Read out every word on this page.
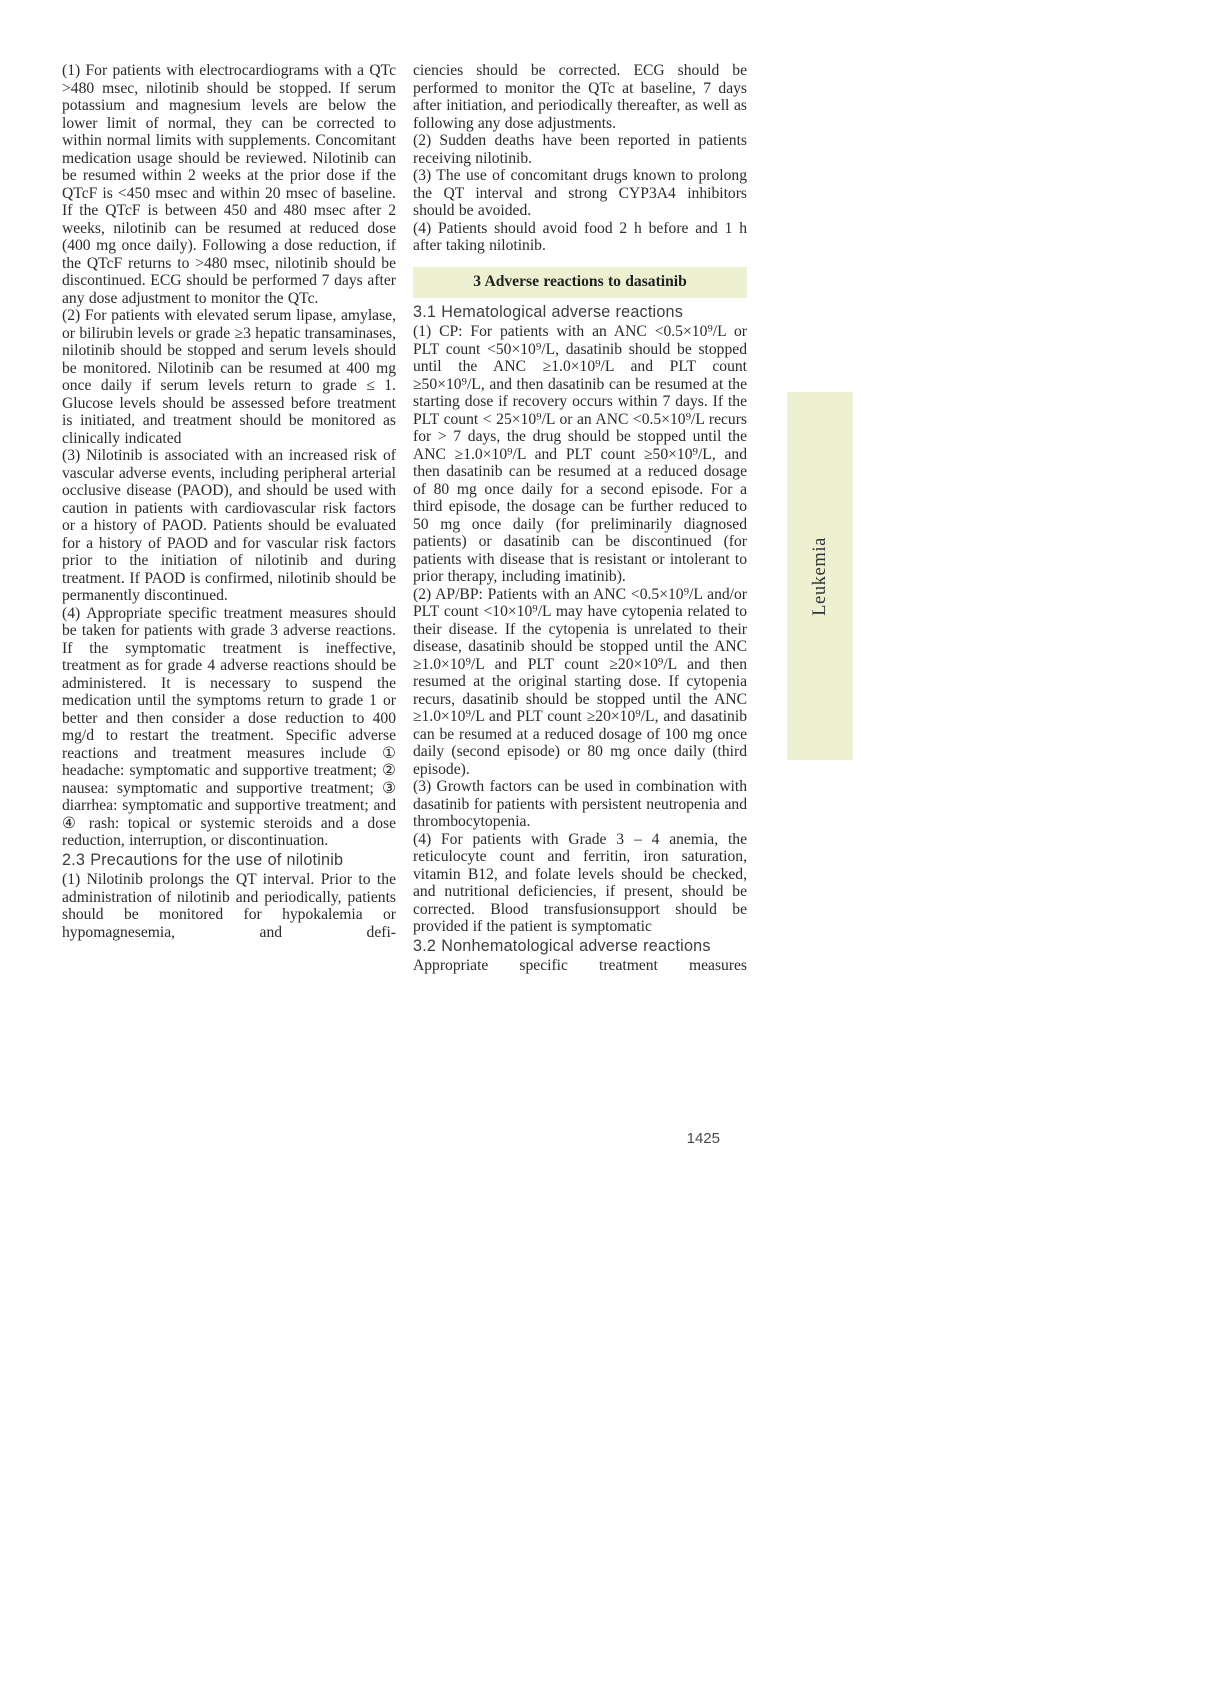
(1) For patients with electrocardiograms with a QTc >480 msec, nilotinib should be stopped. If serum potassium and magnesium levels are below the lower limit of normal, they can be corrected to within normal limits with supplements. Concomitant medication usage should be reviewed. Nilotinib can be resumed within 2 weeks at the prior dose if the QTcF is <450 msec and within 20 msec of baseline. If the QTcF is between 450 and 480 msec after 2 weeks, nilotinib can be resumed at reduced dose (400 mg once daily). Following a dose reduction, if the QTcF returns to >480 msec, nilotinib should be discontinued. ECG should be performed 7 days after any dose adjustment to monitor the QTc.

(2) For patients with elevated serum lipase, amylase, or bilirubin levels or grade ≥3 hepatic transaminases, nilotinib should be stopped and serum levels should be monitored. Nilotinib can be resumed at 400 mg once daily if serum levels return to grade ≤ 1. Glucose levels should be assessed before treatment is initiated, and treatment should be monitored as clinically indicated

(3) Nilotinib is associated with an increased risk of vascular adverse events, including peripheral arterial occlusive disease (PAOD), and should be used with caution in patients with cardiovascular risk factors or a history of PAOD. Patients should be evaluated for a history of PAOD and for vascular risk factors prior to the initiation of nilotinib and during treatment. If PAOD is confirmed, nilotinib should be permanently discontinued.

(4) Appropriate specific treatment measures should be taken for patients with grade 3 adverse reactions. If the symptomatic treatment is ineffective, treatment as for grade 4 adverse reactions should be administered. It is necessary to suspend the medication until the symptoms return to grade 1 or better and then consider a dose reduction to 400 mg/d to restart the treatment. Specific adverse reactions and treatment measures include ① headache: symptomatic and supportive treatment; ② nausea: symptomatic and supportive treatment; ③ diarrhea: symptomatic and supportive treatment; and ④ rash: topical or systemic steroids and a dose reduction, interruption, or discontinuation.

2.3 Precautions for the use of nilotinib

(1) Nilotinib prolongs the QT interval. Prior to the administration of nilotinib and periodically, patients should be monitored for hypokalemia or hypomagnesemia, and defi-

ciencies should be corrected. ECG should be performed to monitor the QTc at baseline, 7 days after initiation, and periodically thereafter, as well as following any dose adjustments.

(2) Sudden deaths have been reported in patients receiving nilotinib.

(3) The use of concomitant drugs known to prolong the QT interval and strong CYP3A4 inhibitors should be avoided.

(4) Patients should avoid food 2 h before and 1 h after taking nilotinib.

3 Adverse reactions to dasatinib
3.1 Hematological adverse reactions

(1) CP: For patients with an ANC <0.5×10⁹/L or PLT count <50×10⁹/L, dasatinib should be stopped until the ANC ≥1.0×10⁹/L and PLT count ≥50×10⁹/L, and then dasatinib can be resumed at the starting dose if recovery occurs within 7 days. If the PLT count < 25×10⁹/L or an ANC <0.5×10⁹/L recurs for > 7 days, the drug should be stopped until the ANC ≥1.0×10⁹/L and PLT count ≥50×10⁹/L, and then dasatinib can be resumed at a reduced dosage of 80 mg once daily for a second episode. For a third episode, the dosage can be further reduced to 50 mg once daily (for preliminarily diagnosed patients) or dasatinib can be discontinued (for patients with disease that is resistant or intolerant to prior therapy, including imatinib).

(2) AP/BP: Patients with an ANC <0.5×10⁹/L and/or PLT count <10×10⁹/L may have cytopenia related to their disease. If the cytopenia is unrelated to their disease, dasatinib should be stopped until the ANC ≥1.0×10⁹/L and PLT count ≥20×10⁹/L and then resumed at the original starting dose. If cytopenia recurs, dasatinib should be stopped until the ANC ≥1.0×10⁹/L and PLT count ≥20×10⁹/L, and dasatinib can be resumed at a reduced dosage of 100 mg once daily (second episode) or 80 mg once daily (third episode).

(3) Growth factors can be used in combination with dasatinib for patients with persistent neutropenia and thrombocytopenia.

(4) For patients with Grade 3 – 4 anemia, the reticulocyte count and ferritin, iron saturation, vitamin B12, and folate levels should be checked, and nutritional deficiencies, if present, should be corrected. Blood transfusionsupport should be provided if the patient is symptomatic

3.2 Nonhematological adverse reactions

Appropriate specific treatment measures

Leukemia
1425
